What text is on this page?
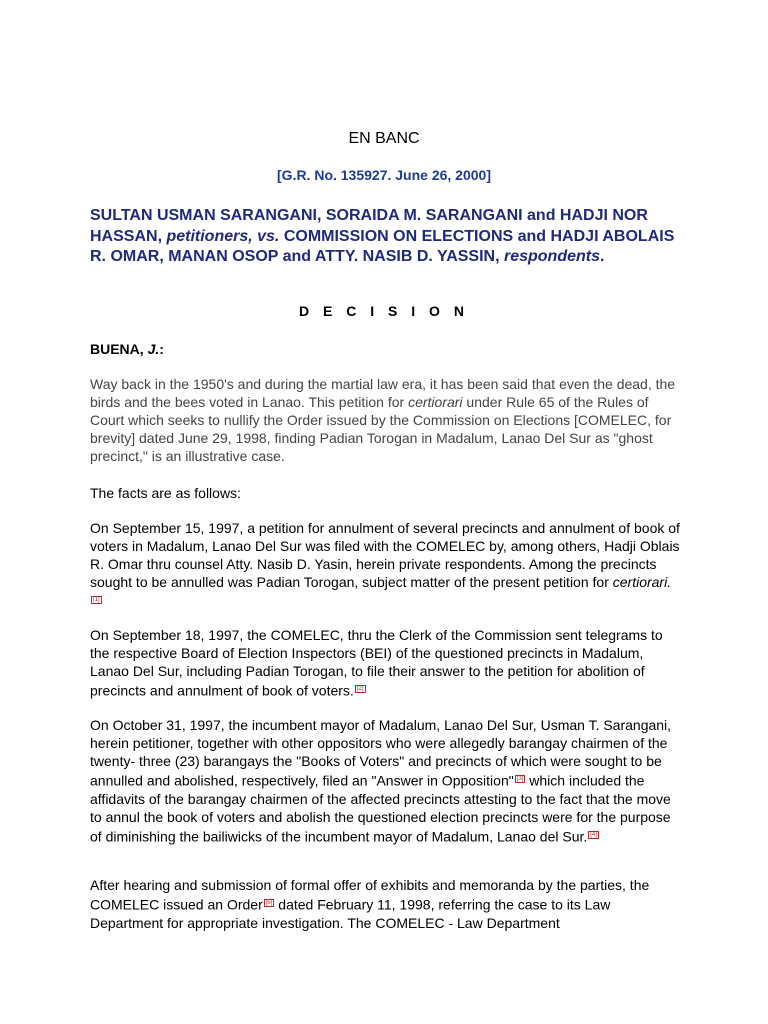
EN BANC
[G.R. No. 135927. June 26, 2000]
SULTAN USMAN SARANGANI, SORAIDA M. SARANGANI and HADJI NOR HASSAN, petitioners, vs. COMMISSION ON ELECTIONS and HADJI ABOLAIS R. OMAR, MANAN OSOP and ATTY. NASIB D. YASSIN, respondents.
D E C I S I O N
BUENA, J.:
Way back in the 1950's and during the martial law era, it has been said that even the dead, the birds and the bees voted in Lanao. This petition for certiorari under Rule 65 of the Rules of Court which seeks to nullify the Order issued by the Commission on Elections [COMELEC, for brevity] dated June 29, 1998, finding Padian Torogan in Madalum, Lanao Del Sur as "ghost precinct," is an illustrative case.
The facts are as follows:
On September 15, 1997, a petition for annulment of several precincts and annulment of book of voters in Madalum, Lanao Del Sur was filed with the COMELEC by, among others, Hadji Oblais R. Omar thru counsel Atty. Nasib D. Yasin, herein private respondents. Among the precincts sought to be annulled was Padian Torogan, subject matter of the present petition for certiorari.[1]
On September 18, 1997, the COMELEC, thru the Clerk of the Commission sent telegrams to the respective Board of Election Inspectors (BEI) of the questioned precincts in Madalum, Lanao Del Sur, including Padian Torogan, to file their answer to the petition for abolition of precincts and annulment of book of voters. [2]
On October 31, 1997, the incumbent mayor of Madalum, Lanao Del Sur, Usman T. Sarangani, herein petitioner, together with other oppositors who were allegedly barangay chairmen of the twenty- three (23) barangays the "Books of Voters" and precincts of which were sought to be annulled and abolished, respectively, filed an "Answer in Opposition" [3] which included the affidavits of the barangay chairmen of the affected precincts attesting to the fact that the move to annul the book of voters and abolish the questioned election precincts were for the purpose of diminishing the bailiwicks of the incumbent mayor of Madalum, Lanao del Sur. [4]
After hearing and submission of formal offer of exhibits and memoranda by the parties, the COMELEC issued an Order [5] dated February 11, 1998, referring the case to its Law Department for appropriate investigation. The COMELEC - Law Department
